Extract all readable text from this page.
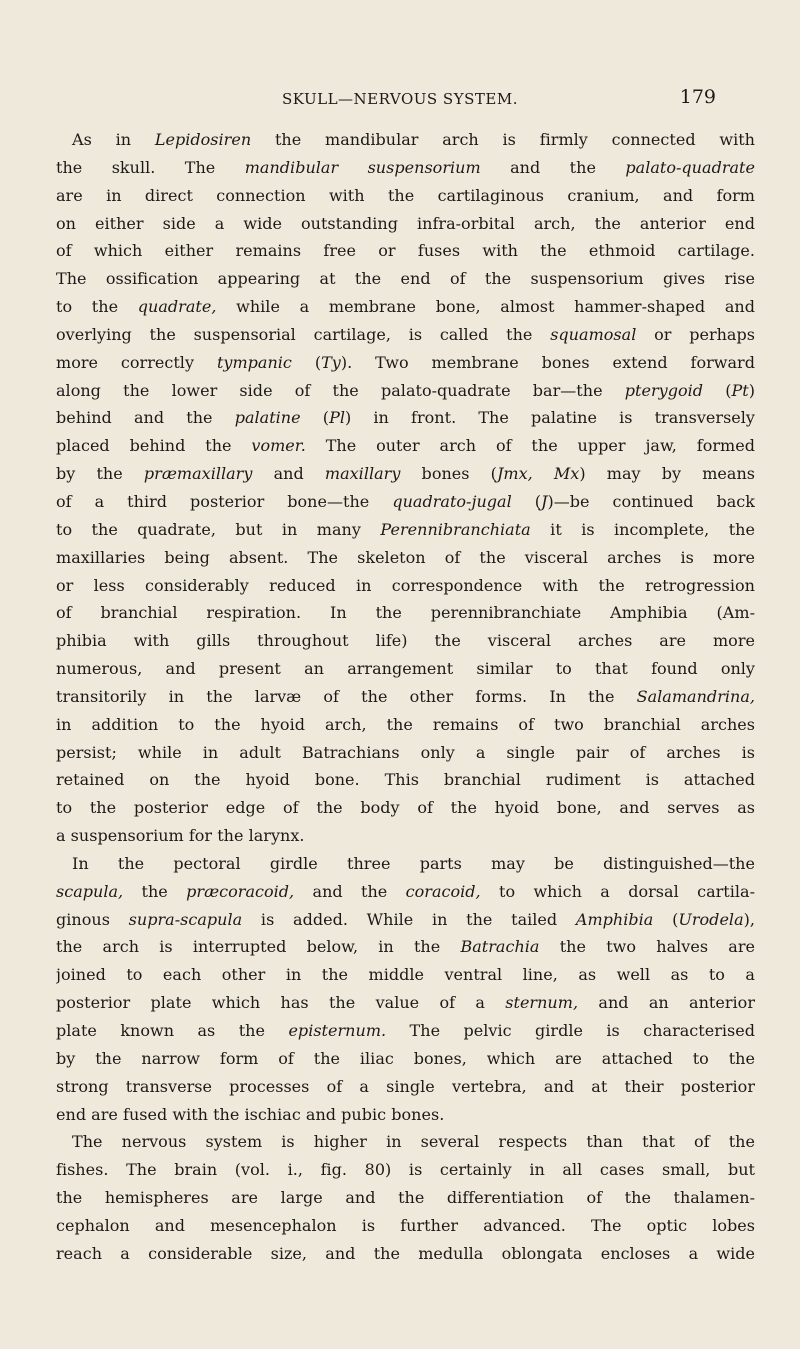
SKULL—NERVOUS SYSTEM.	179
As in Lepidosiren the mandibular arch is firmly connected with
the skull. The mandibular suspensorium and the palato-quadrate
are in direct connection with the cartilaginous cranium, and form
on either side a wide outstanding infra-orbital arch, the anterior end
of which either remains free or fuses with the ethmoid cartilage.
The ossification appearing at the end of the suspensorium gives rise
to the quadrate, while a membrane bone, almost hammer-shaped and
overlying the suspensorial cartilage, is called the squamosal or perhaps
more correctly tympanic (Ty). Two membrane bones extend forward
along the lower side of the palato-quadrate bar—the pterygoid (Pt)
behind and the palatine (Pl) in front. The palatine is transversely
placed behind the vomer. The outer arch of the upper jaw, formed
by the præmaxillary and maxillary bones (Jmx, Mx) may by means
of a third posterior bone—the quadrato-jugal (J)—be continued back
to the quadrate, but in many Perennibranchiata it is incomplete, the
maxillaries being absent. The skeleton of the visceral arches is more
or less considerably reduced in correspondence with the retrogression
of branchial respiration. In the perennibranchiate Amphibia (Am-
phibia with gills throughout life) the visceral arches are more
numerous, and present an arrangement similar to that found only
transitorily in the larvæ of the other forms. In the Salamandrina,
in addition to the hyoid arch, the remains of two branchial arches
persist; while in adult Batrachians only a single pair of arches is
retained on the hyoid bone. This branchial rudiment is attached
to the posterior edge of the body of the hyoid bone, and serves as
a suspensorium for the larynx.
In the pectoral girdle three parts may be distinguished—the
scapula, the præcoracoid, and the coracoid, to which a dorsal cartila-
ginous supra-scapula is added. While in the tailed Amphibia (Urodela),
the arch is interrupted below, in the Batrachia the two halves are
joined to each other in the middle ventral line, as well as to a
posterior plate which has the value of a sternum, and an anterior
plate known as the episternum. The pelvic girdle is characterised
by the narrow form of the iliac bones, which are attached to the
strong transverse processes of a single vertebra, and at their posterior
end are fused with the ischiac and pubic bones.
The nervous system is higher in several respects than that of the
fishes. The brain (vol. i., fig. 80) is certainly in all cases small, but
the hemispheres are large and the differentiation of the thalamen-
cephalon and mesencephalon is further advanced. The optic lobes
reach a considerable size, and the medulla oblongata encloses a wide
